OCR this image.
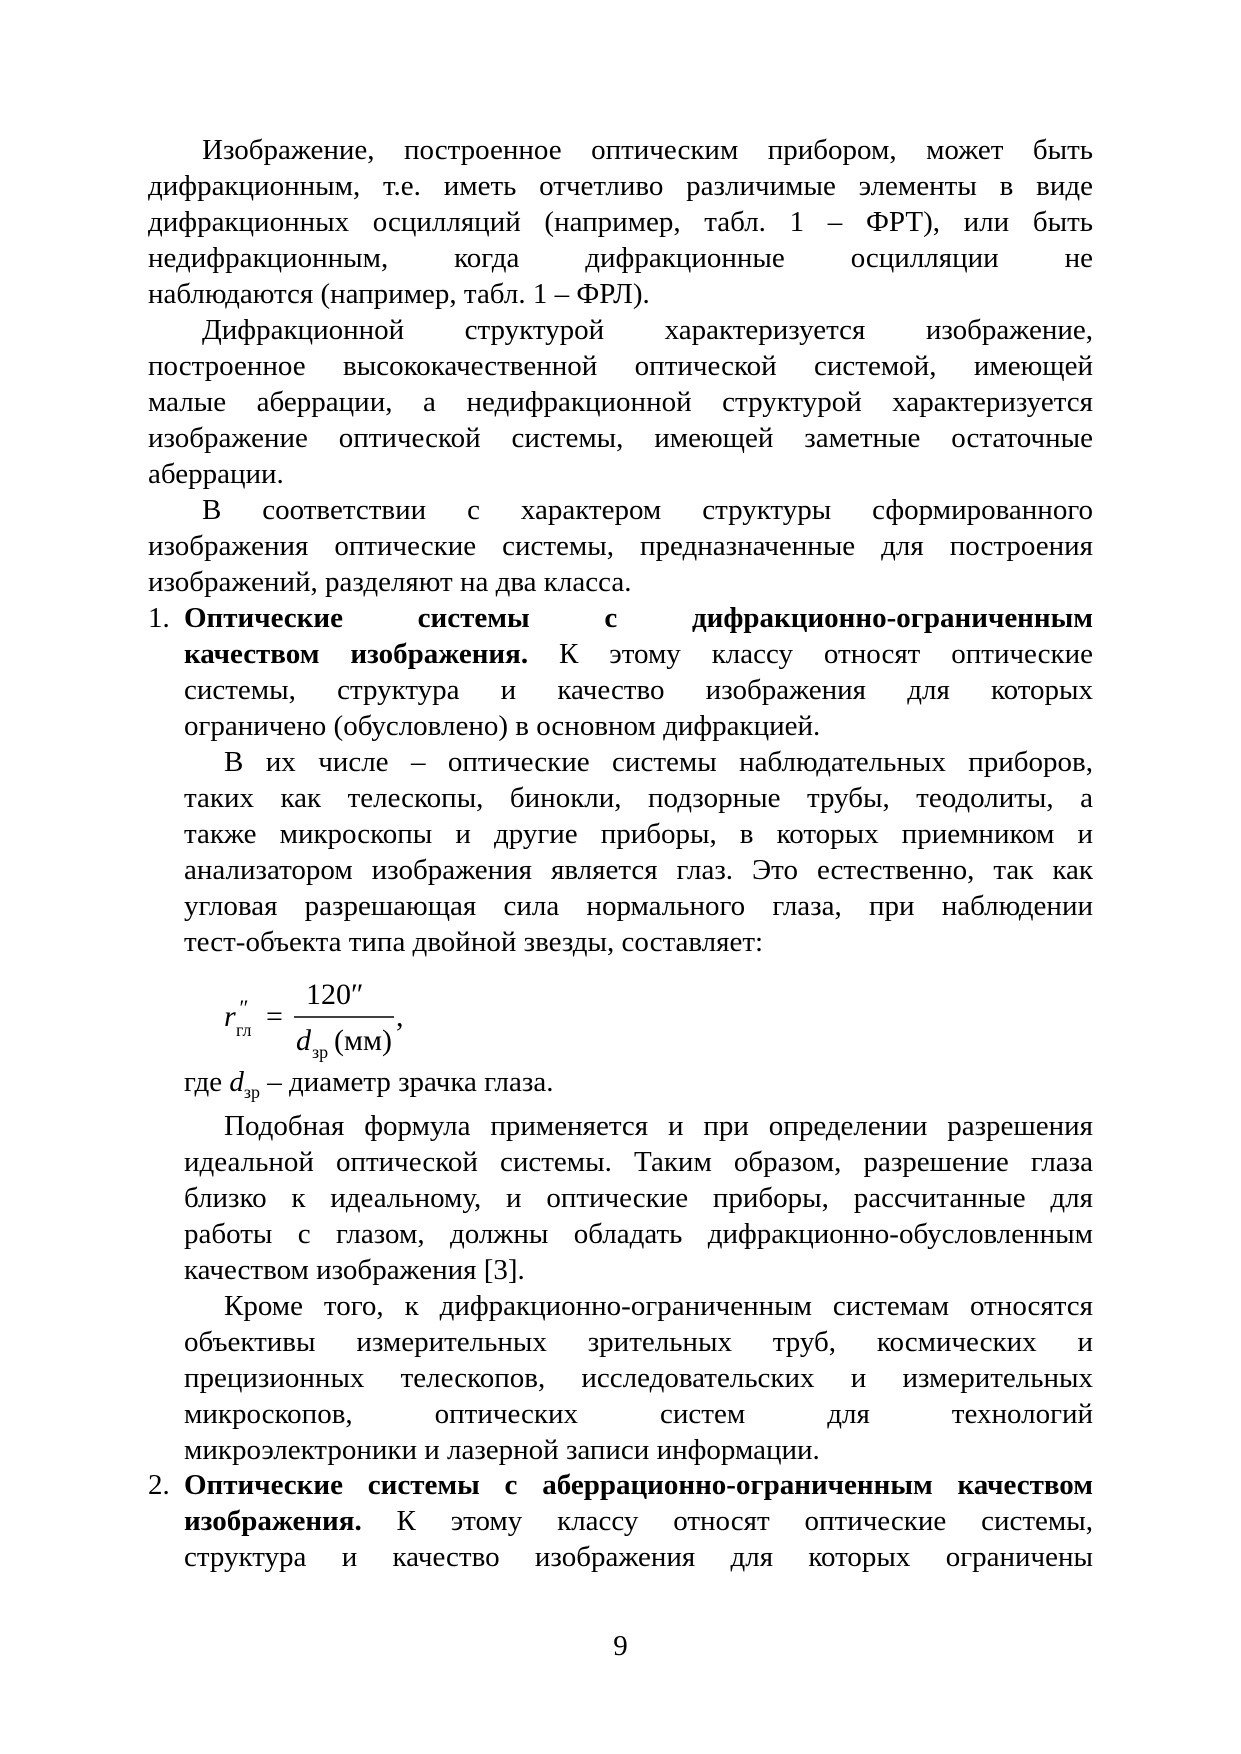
Изображение, построенное оптическим прибором, может быть
дифракционным, т.е. иметь отчетливо различимые элементы в виде
дифракционных осцилляций (например, табл. 1 – ФРТ), или быть
недифракционным, когда дифракционные осцилляции не
наблюдаются (например, табл. 1 – ФРЛ).
Дифракционной структурой характеризуется изображение,
построенное высококачественной оптической системой, имеющей
малые аберрации, а недифракционной структурой характеризуется
изображение оптической системы, имеющей заметные остаточные
аберрации.
В соответствии с характером структуры сформированного
изображения оптические системы, предназначенные для построения
изображений, разделяют на два класса.
1. Оптические системы с дифракционно-ограниченным
качеством изображения. К этому классу относят оптические
системы, структура и качество изображения для которых
ограничено (обусловлено) в основном дифракцией.
В их числе – оптические системы наблюдательных приборов,
таких как телескопы, бинокли, подзорные трубы, теодолиты, а
также микроскопы и другие приборы, в которых приемником и
анализатором изображения является глаз. Это естественно, так как
угловая разрешающая сила нормального глаза, при наблюдении
тест-объекта типа двойной звезды, составляет:
r ″
гл =
120″
d зр (мм)
,
где $d_{зр}$ – диаметр зрачка глаза.
Подобная формула применяется и при определении разрешения
идеальной оптической системы. Таким образом, разрешение глаза
близко к идеальному, и оптические приборы, рассчитанные для
работы с глазом, должны обладать дифракционно-обусловленным
качеством изображения [3].
Кроме того, к дифракционно-ограниченным системам относятся
объективы измерительных зрительных труб, космических и
прецизионных телескопов, исследовательских и измерительных
микроскопов, оптических систем для технологий
микроэлектроники и лазерной записи информации.
2. Оптические системы с аберрационно-ограниченным качеством
изображения. К этому классу относят оптические системы,
структура и качество изображения для которых ограничены
9
